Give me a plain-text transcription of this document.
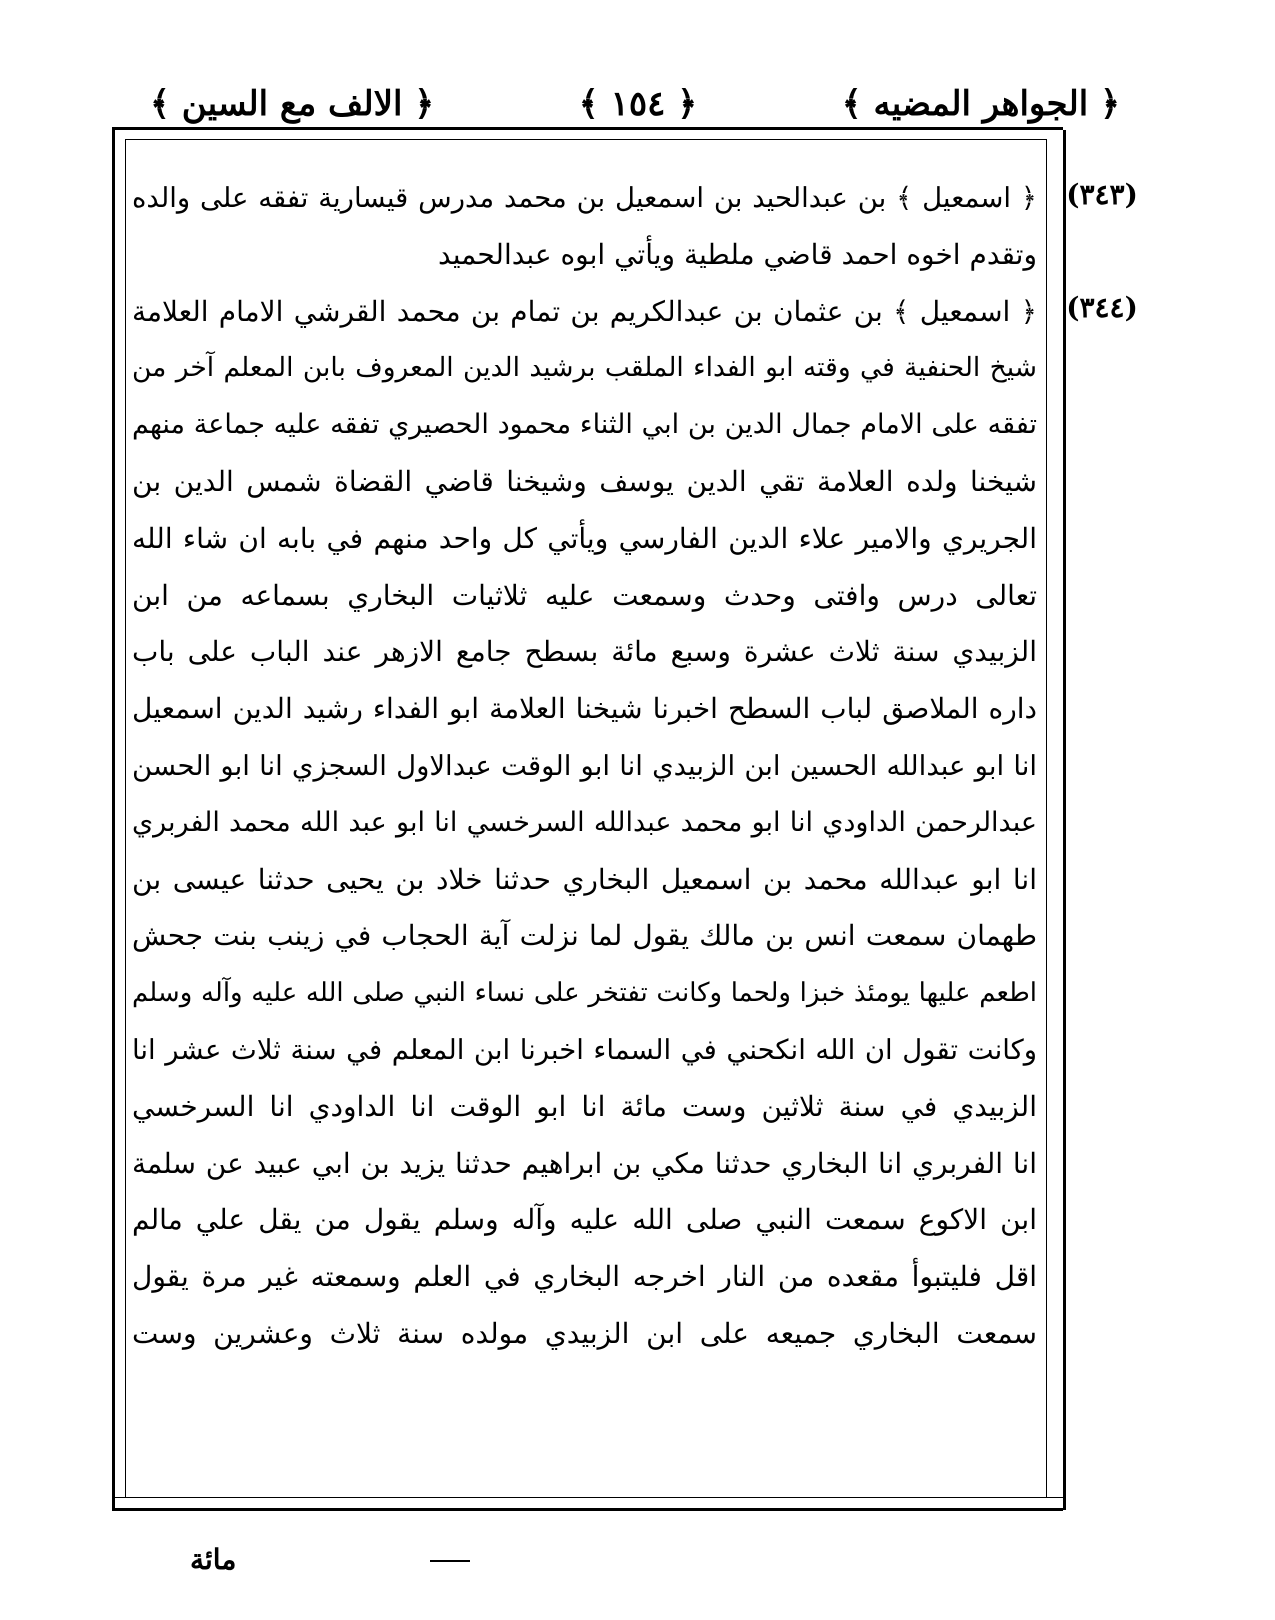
﴿ الجواهر المضيه ﴾
﴿ ١٥٤ ﴾
﴿ الالف مع السين ﴾
(٣٤٣)
(٣٤٤)
﴿ اسمعيل ﴾ بن عبدالحيد بن اسمعيل بن محمد مدرس قيسارية تفقه على والده
وتقدم اخوه احمد قاضي ملطية ويأتي ابوه عبدالحميد
﴿ اسمعيل ﴾ بن عثمان بن عبدالكريم بن تمام بن محمد القرشي الامام العلامة
شيخ الحنفية في وقته ابو الفداء الملقب برشيد الدين المعروف بابن المعلم آخر من
تفقه على الامام جمال الدين بن ابي الثناء محمود الحصيري تفقه عليه جماعة منهم
شيخنا ولده العلامة تقي الدين يوسف وشيخنا قاضي القضاة شمس الدين بن
الجريري والامير علاء الدين الفارسي ويأتي كل واحد منهم في بابه ان شاء الله
تعالى درس وافتى وحدث وسمعت عليه ثلاثيات البخاري بسماعه من ابن
الزبيدي سنة ثلاث عشرة وسبع مائة بسطح جامع الازهر عند الباب على باب
داره الملاصق لباب السطح اخبرنا شيخنا العلامة ابو الفداء رشيد الدين اسمعيل
انا ابو عبدالله الحسين ابن الزبيدي انا ابو الوقت عبدالاول السجزي انا ابو الحسن
عبدالرحمن الداودي انا ابو محمد عبدالله السرخسي انا ابو عبد الله محمد الفربري
انا ابو عبدالله محمد بن اسمعيل البخاري حدثنا خلاد بن يحيى حدثنا عيسى بن
طهمان سمعت انس بن مالك يقول لما نزلت آية الحجاب في زينب بنت جحش
اطعم عليها يومئذ خبزا ولحما وكانت تفتخر على نساء النبي صلى الله عليه وآله وسلم
وكانت تقول ان الله انكحني في السماء اخبرنا ابن المعلم في سنة ثلاث عشر انا
الزبيدي في سنة ثلاثين وست مائة انا ابو الوقت انا الداودي انا السرخسي
انا الفربري انا البخاري حدثنا مكي بن ابراهيم حدثنا يزيد بن ابي عبيد عن سلمة
ابن الاكوع سمعت النبي صلى الله عليه وآله وسلم يقول من يقل علي مالم
اقل فليتبوأ مقعده من النار اخرجه البخاري في العلم وسمعته غير مرة يقول
سمعت البخاري جميعه على ابن الزبيدي مولده سنة ثلاث وعشرين وست
مائة
